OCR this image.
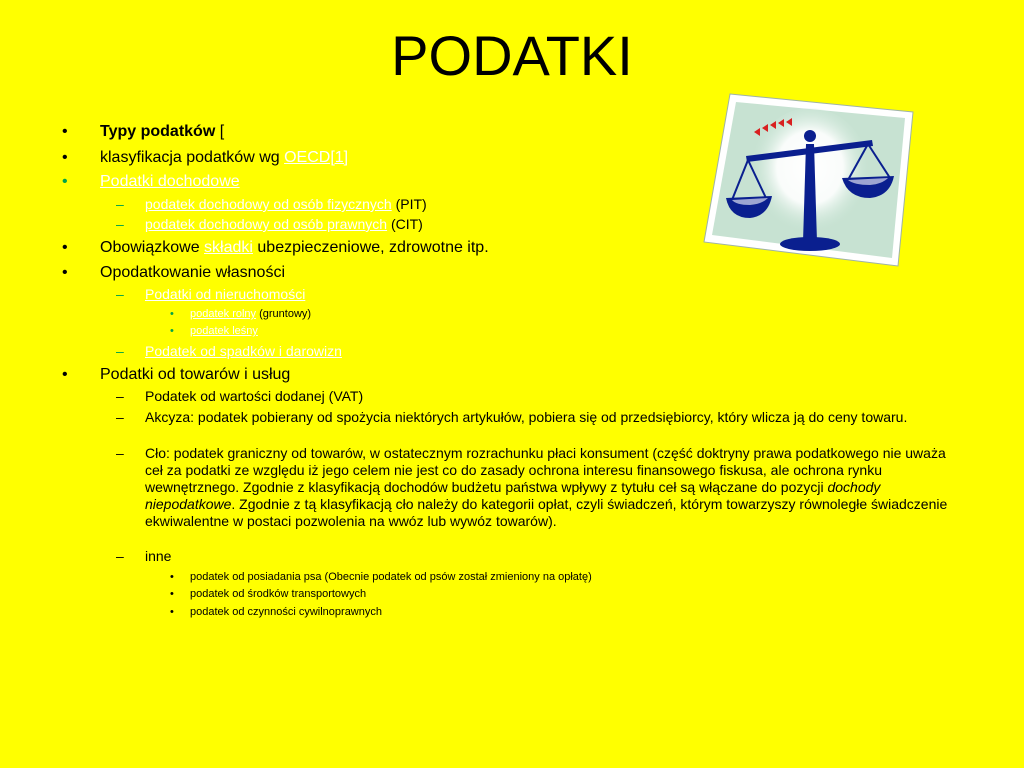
PODATKI
• Typy podatków [
• klasyfikacja podatków wg OECD[1]
• Podatki dochodowe
– podatek dochodowy od osób fizycznych (PIT)
– podatek dochodowy od osób prawnych (CIT)
• Obowiązkowe składki ubezpieczeniowe, zdrowotne itp.
• Opodatkowanie własności
– Podatki od nieruchomości
• podatek rolny (gruntowy)
• podatek leśny
– Podatek od spadków i darowizn
• Podatki od towarów i usług
– Podatek od wartości dodanej (VAT)
– Akcyza: podatek pobierany od spożycia niektórych artykułów, pobiera się od przedsiębiorcy, który wlicza ją do ceny towaru.
– Cło: podatek graniczny od towarów, w ostatecznym rozrachunku płaci konsument (część doktryny prawa podatkowego nie uważa ceł za podatki ze względu iż jego celem nie jest co do zasady ochrona interesu finansowego fiskusa, ale ochrona rynku wewnętrznego. Zgodnie z klasyfikacją dochodów budżetu państwa wpływy z tytułu ceł są włączane do pozycji dochody niepodatkowe. Zgodnie z tą klasyfikacją cło należy do kategorii opłat, czyli świadczeń, którym towarzyszy równoległe świadczenie ekwiwalentne w postaci pozwolenia na wwóz lub wywóz towarów).
– inne
• podatek od posiadania psa (Obecnie podatek od psów został zmieniony na opłatę)
• podatek od środków transportowych
• podatek od czynności cywilnoprawnych
